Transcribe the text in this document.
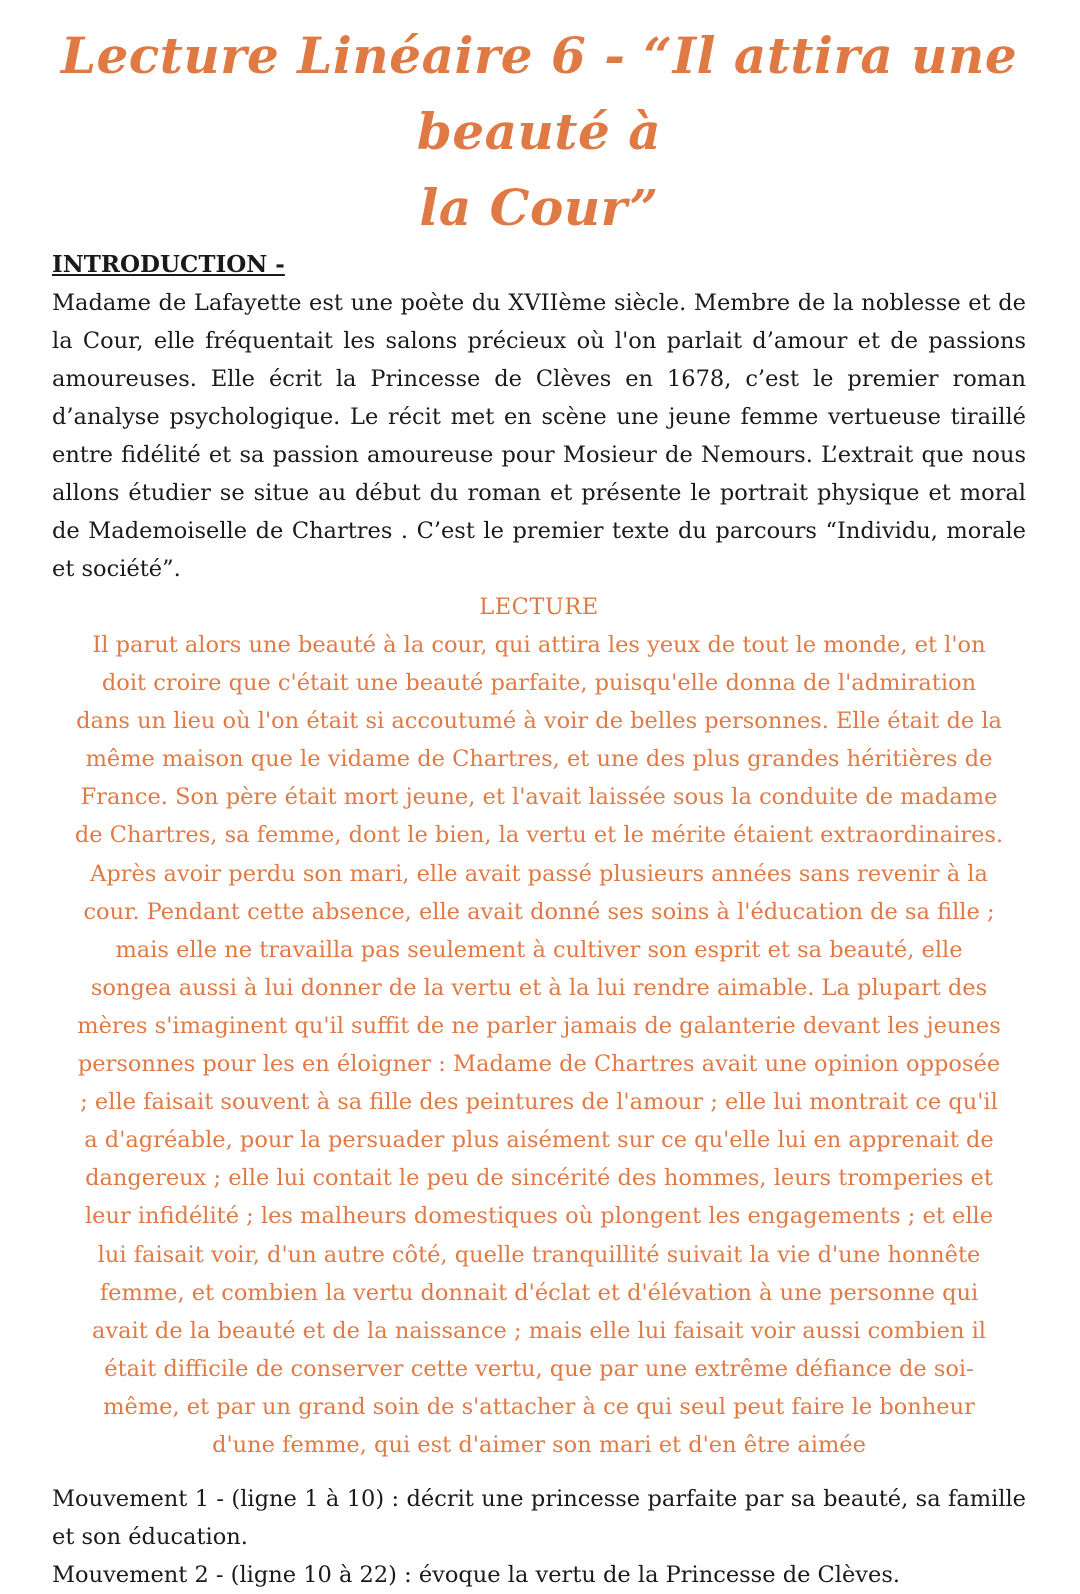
Lecture Linéaire 6 - “Il attira une beauté à
la Cour”
INTRODUCTION -

Madame de Lafayette est une poète du XVIIème siècle. Membre de la noblesse et de la Cour, elle fréquentait les salons précieux où l'on parlait d’amour et de passions amoureuses. Elle écrit la Princesse de Clèves en 1678, c’est le premier roman d’analyse psychologique. Le récit met en scène une jeune femme vertueuse tiraillé entre fidélité et sa passion amoureuse pour Mosieur de Nemours. L’extrait que nous allons étudier se situe au début du roman et présente le portrait physique et moral de Mademoiselle de Chartres . C’est le premier texte du parcours “Individu, morale et société”.

LECTURE
Il parut alors une beauté à la cour, qui attira les yeux de tout le monde, et l'on
doit croire que c'était une beauté parfaite, puisqu'elle donna de l'admiration
dans un lieu où l'on était si accoutumé à voir de belles personnes. Elle était de la
même maison que le vidame de Chartres, et une des plus grandes héritières de
France. Son père était mort jeune, et l'avait laissée sous la conduite de madame
de Chartres, sa femme, dont le bien, la vertu et le mérite étaient extraordinaires.
Après avoir perdu son mari, elle avait passé plusieurs années sans revenir à la
cour. Pendant cette absence, elle avait donné ses soins à l'éducation de sa fille ;
mais elle ne travailla pas seulement à cultiver son esprit et sa beauté, elle
songea aussi à lui donner de la vertu et à la lui rendre aimable. La plupart des
mères s'imaginent qu'il suffit de ne parler jamais de galanterie devant les jeunes
personnes pour les en éloigner : Madame de Chartres avait une opinion opposée
; elle faisait souvent à sa fille des peintures de l'amour ; elle lui montrait ce qu'il
a d'agréable, pour la persuader plus aisément sur ce qu'elle lui en apprenait de
dangereux ; elle lui contait le peu de sincérité des hommes, leurs tromperies et
leur infidélité ; les malheurs domestiques où plongent les engagements ; et elle
lui faisait voir, d'un autre côté, quelle tranquillité suivait la vie d'une honnête
femme, et combien la vertu donnait d'éclat et d'élévation à une personne qui
avait de la beauté et de la naissance ; mais elle lui faisait voir aussi combien il
était difficile de conserver cette vertu, que par une extrême défiance de soi-
même, et par un grand soin de s'attacher à ce qui seul peut faire le bonheur
d'une femme, qui est d'aimer son mari et d'en être aimée

Mouvement 1 - (ligne 1 à 10) : décrit une princesse parfaite par sa beauté, sa famille et son éducation.

Mouvement 2 - (ligne 10 à 22) : évoque la vertu de la Princesse de Clèves.
